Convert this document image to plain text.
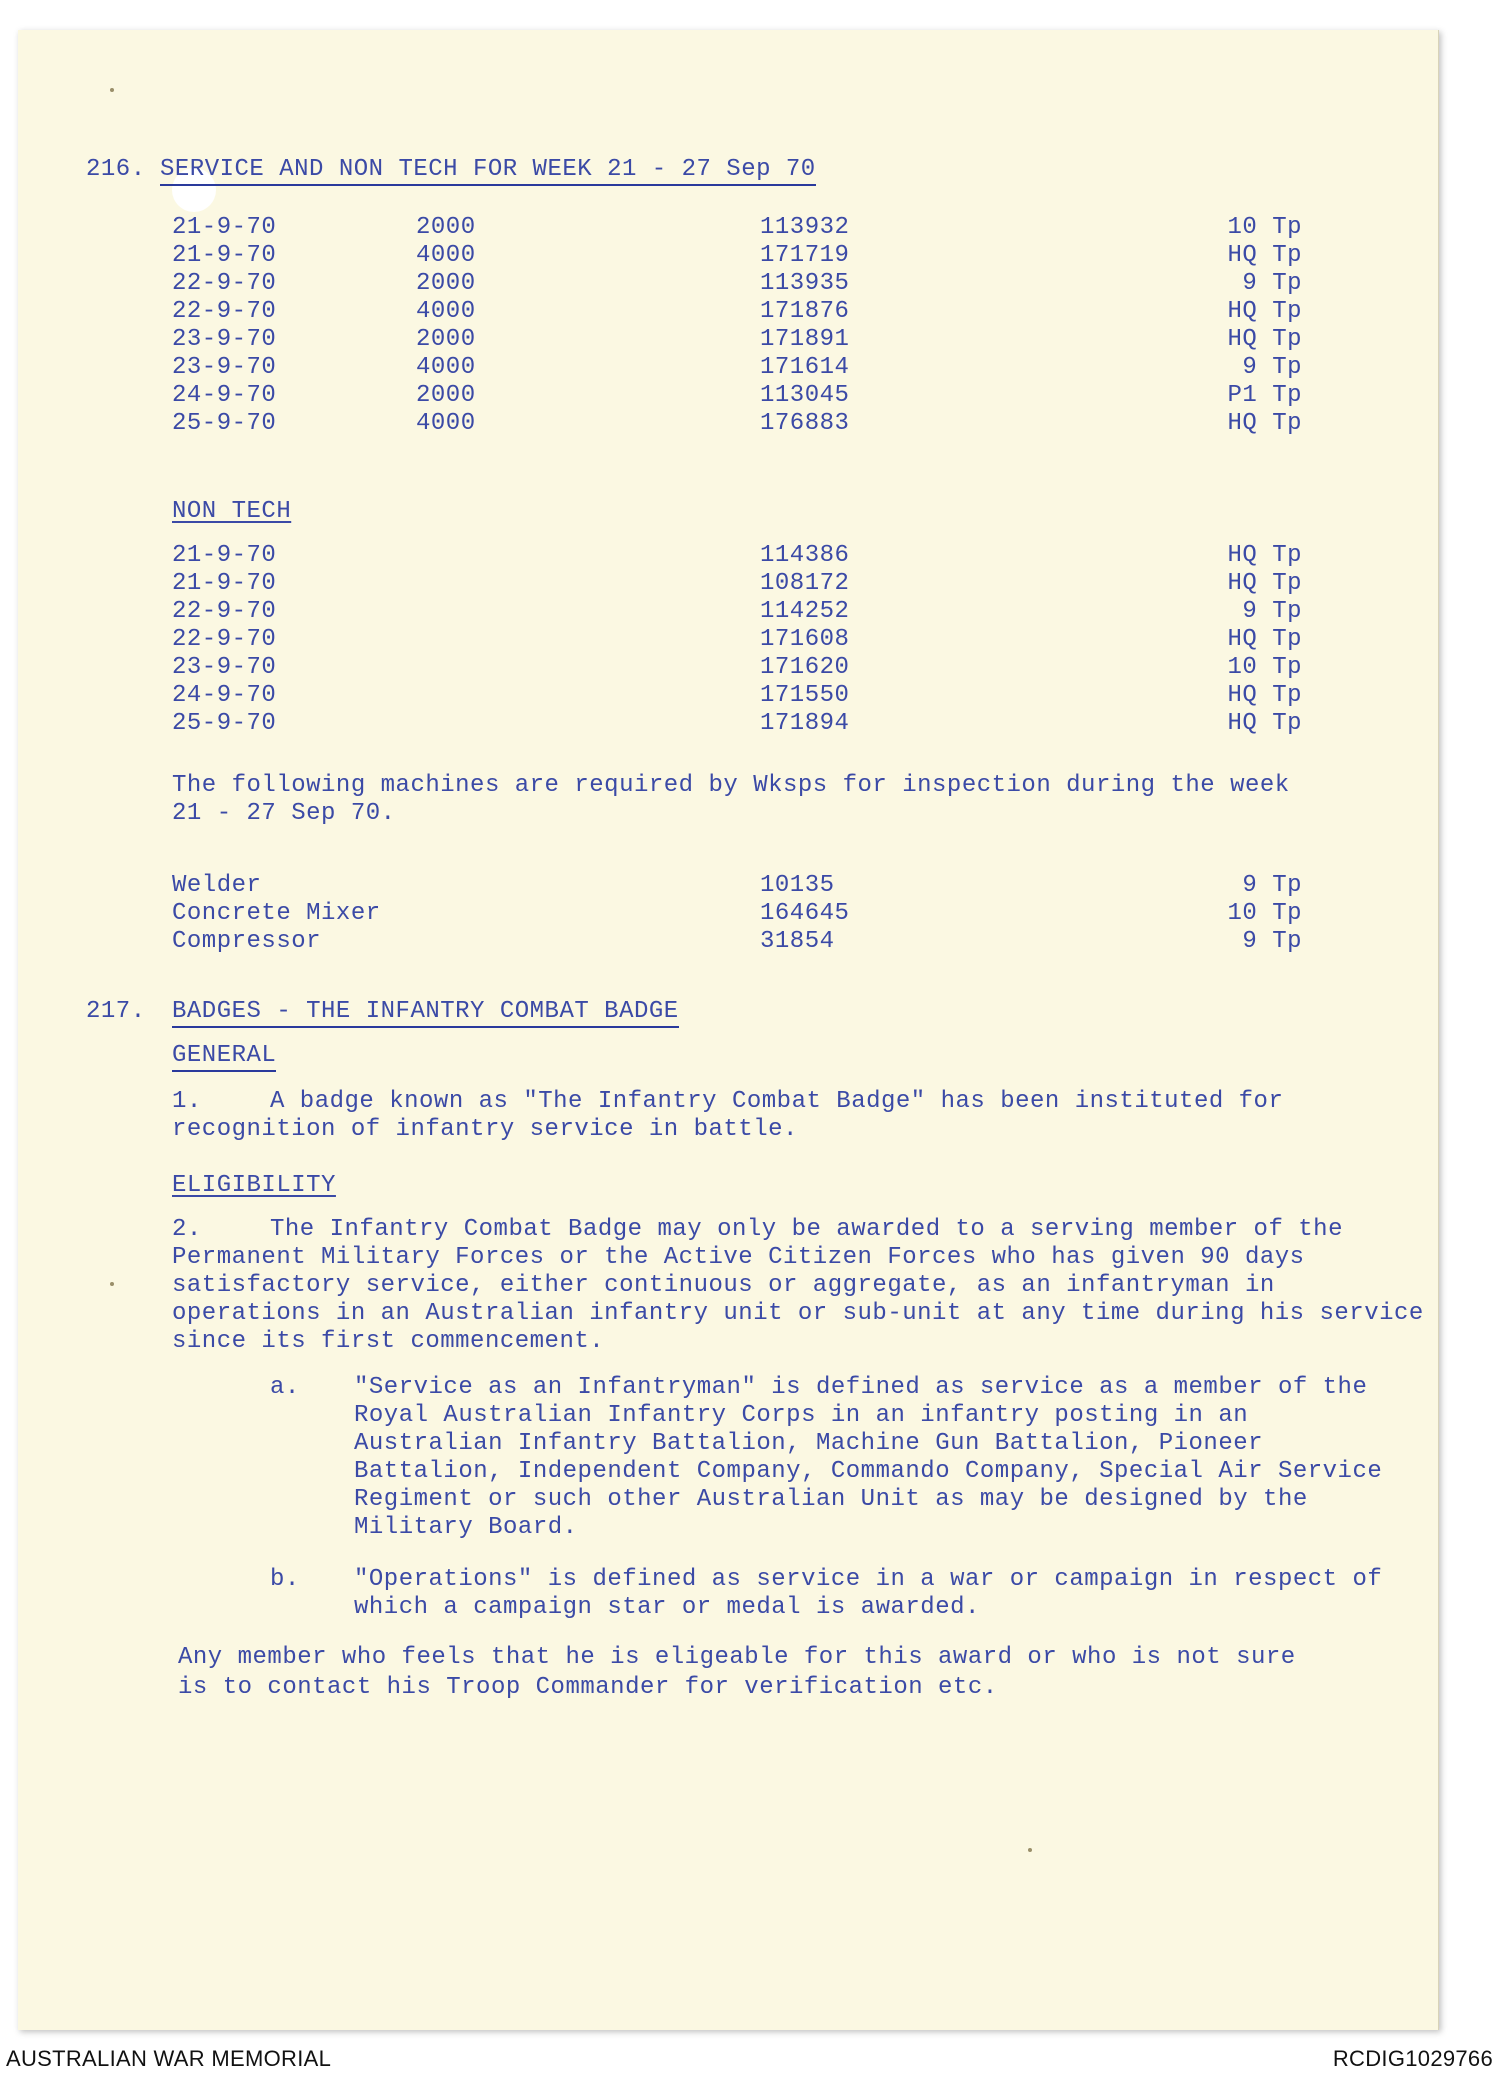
216. SERVICE AND NON TECH FOR WEEK 21 - 27 Sep 70
21-9-70	2000	113932	10 Tp
21-9-70	4000	171719	HQ Tp
22-9-70	2000	113935	9 Tp
22-9-70	4000	171876	HQ Tp
23-9-70	2000	171891	HQ Tp
23-9-70	4000	171614	9 Tp
24-9-70	2000	113045	P1 Tp
25-9-70	4000	176883	HQ Tp
NON TECH
21-9-70	114386	HQ Tp
21-9-70	108172	HQ Tp
22-9-70	114252	9 Tp
22-9-70	171608	HQ Tp
23-9-70	171620	10 Tp
24-9-70	171550	HQ Tp
25-9-70	171894	HQ Tp
The following machines are required by Wksps for inspection during the week
21 - 27 Sep 70.
Welder	10135	9 Tp
Concrete Mixer	164645	10 Tp
Compressor	31854	9 Tp
217. BADGES - THE INFANTRY COMBAT BADGE
GENERAL
1.	A badge known as "The Infantry Combat Badge" has been instituted for
recognition of infantry service in battle.
ELIGIBILITY
2.	The Infantry Combat Badge may only be awarded to a serving member of the
Permanent Military Forces or the Active Citizen Forces who has given 90 days
satisfactory service, either continuous or aggregate, as an infantryman in
operations in an Australian infantry unit or sub-unit at any time during his service
since its first commencement.
a. "Service as an Infantryman" is defined as service as a member of the
Royal Australian Infantry Corps in an infantry posting in an
Australian Infantry Battalion, Machine Gun Battalion, Pioneer
Battalion, Independent Company, Commando Company, Special Air Service
Regiment or such other Australian Unit as may be designed by the
Military Board.
b. "Operations" is defined as service in a war or campaign in respect of
which a campaign star or medal is awarded.
Any member who feels that he is eligeable for this award or who is not sure
is to contact his Troop Commander for verification etc.
AUSTRALIAN WAR MEMORIAL	RCDIG1029766
